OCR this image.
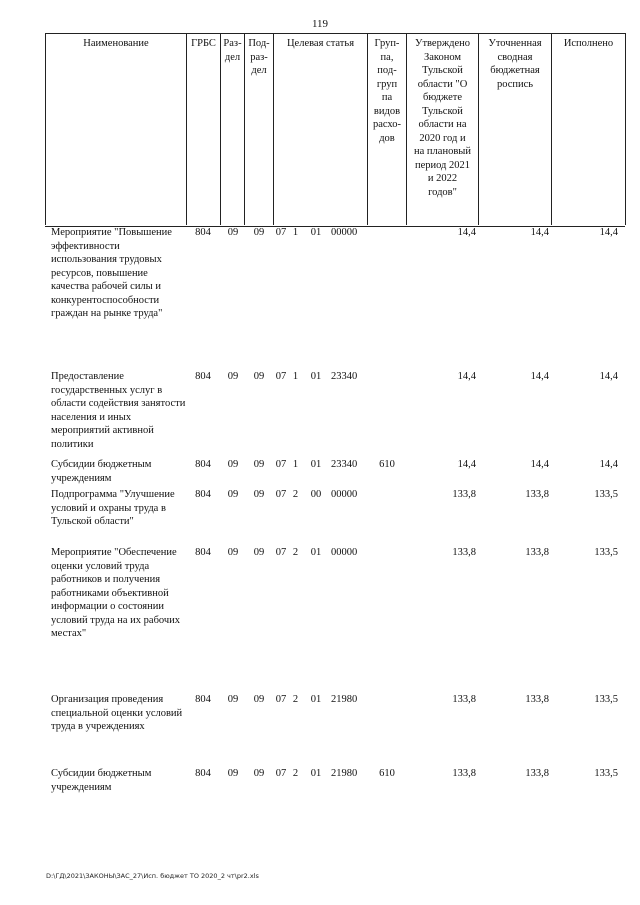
119
Наименование	ГРБС Раз-
дел
Под-
раз-
дел
Целевая статья	Груп-
па,
под-
груп
па
видов
расхо-
дов
Утверждено
Законом
Тульской
области "О
бюджете
Тульской
области на
2020 год и
на плановый
период 2021
и 2022
годов"
Уточненная
сводная
бюджетная
роспись
Исполнено
Мероприятие "Повышение эффективности использования трудовых ресурсов, повышение качества рабочей силы и конкурентоспособности граждан на рынке труда"
804	09	09	07 1	01 00000	14,4	14,4	14,4
Предоставление государственных услуг в области содействия занятости населения и иных мероприятий активной политики
804	09	09	07 1	01 23340	14,4	14,4	14,4
Субсидии бюджетным учреждениям
804	09	09	07 1	01 23340	610	14,4	14,4	14,4
Подпрограмма "Улучшение условий и охраны труда в Тульской области"
804	09	09	07 2	00 00000	133,8	133,8	133,5
Мероприятие "Обеспечение оценки условий труда работников и получения работниками объективной информации о состоянии условий труда на их рабочих местах"
804	09	09	07 2	01 00000	133,8	133,8	133,5
Организация проведения специальной оценки условий труда в учреждениях
804	09	09	07 2	01 21980	133,8	133,8	133,5
Субсидии бюджетным учреждениям
804	09	09	07 2	01 21980	610	133,8	133,8	133,5
D:\ГД\2021\ЗАКОНЫ\ЗАС_27\Исп. бюджет ТО 2020_2 чт\pr2.xls
